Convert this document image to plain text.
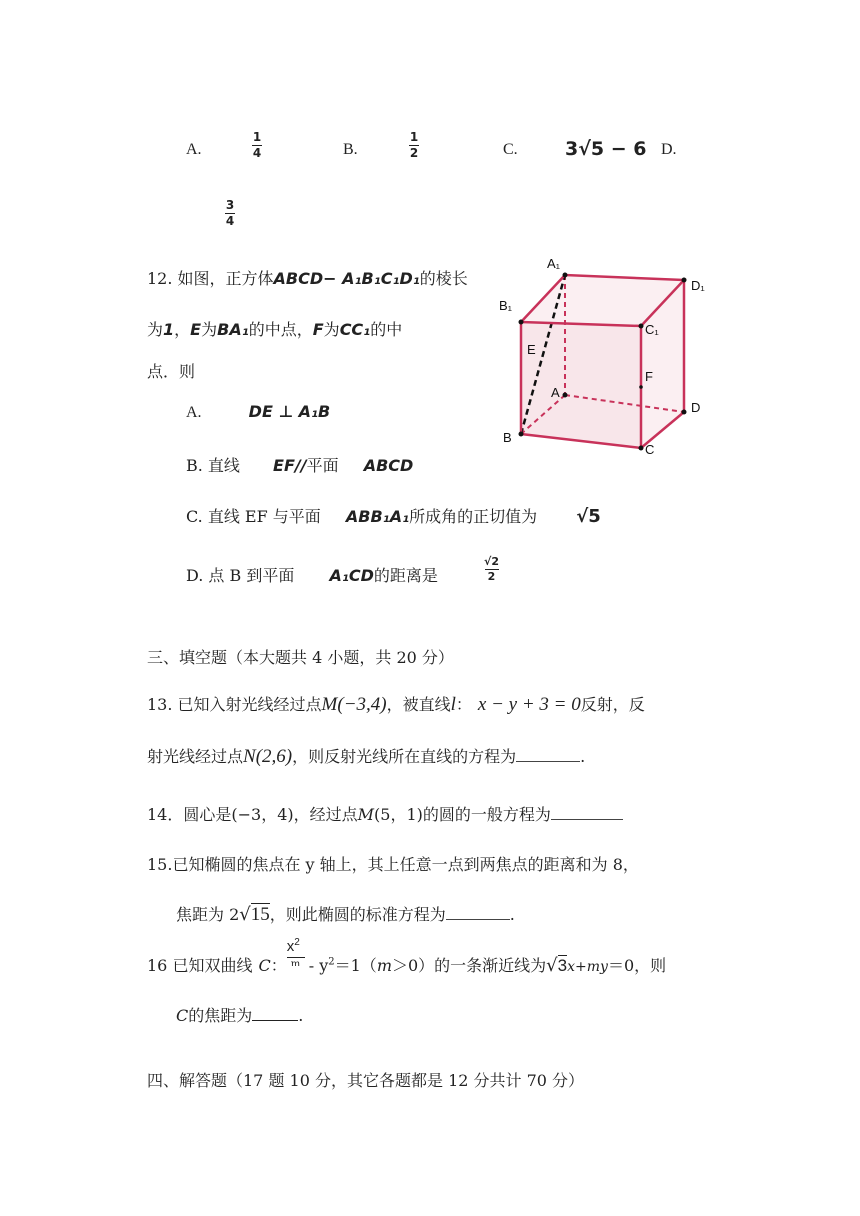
A.
1
4	B.
1
2	C. 3√5 − 6 D.
3
4
12. 如图，正方体ABCD− A₁B₁C₁D₁的棱长
为1，E为BA₁的中点，F为CC₁的中
点．则
A.	DE ⊥ A₁B
B. 直线 EF//平面 ABCD
C. 直线 EF 与平面 ABB₁A₁所成角的正切值为 √5
D. 点 B 到平面 A₁CD的距离是
√2
2
A₁
D₁
B₁
C₁
A
D
B
C
E
F
三、填空题（本大题共 4 小题，共 20 分）
13. 已知入射光线经过点M(−3,4)，被直线l： x − y + 3 = 0反射，反
射光线经过点N(2,6)，则反射光线所在直线的方程为	.
14．圆心是(−3，4)，经过点M(5，1)的圆的一般方程为
15.已知椭圆的焦点在 y 轴上，其上任意一点到两焦点的距离和为 8，
焦距为 2√15，则此椭圆的标准方程为	.
16 已知双曲线 C：
$x^2$
$m - y^2=1(m>0)$的一条渐近线为√3x+my＝0，则
C的焦距为	.
四、解答题（17 题 10 分，其它各题都是 12 分共计 70 分）
